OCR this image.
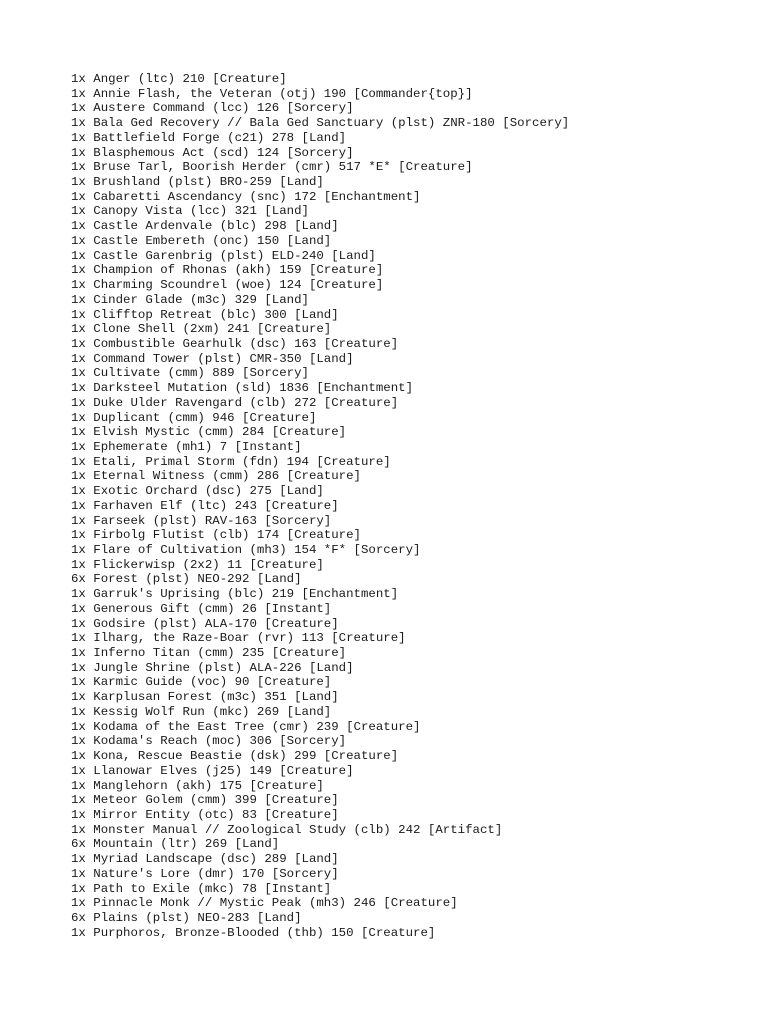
1x Anger (ltc) 210 [Creature]
1x Annie Flash, the Veteran (otj) 190 [Commander{top}]
1x Austere Command (lcc) 126 [Sorcery]
1x Bala Ged Recovery // Bala Ged Sanctuary (plst) ZNR-180 [Sorcery]
1x Battlefield Forge (c21) 278 [Land]
1x Blasphemous Act (scd) 124 [Sorcery]
1x Bruse Tarl, Boorish Herder (cmr) 517 *E* [Creature]
1x Brushland (plst) BRO-259 [Land]
1x Cabaretti Ascendancy (snc) 172 [Enchantment]
1x Canopy Vista (lcc) 321 [Land]
1x Castle Ardenvale (blc) 298 [Land]
1x Castle Embereth (onc) 150 [Land]
1x Castle Garenbrig (plst) ELD-240 [Land]
1x Champion of Rhonas (akh) 159 [Creature]
1x Charming Scoundrel (woe) 124 [Creature]
1x Cinder Glade (m3c) 329 [Land]
1x Clifftop Retreat (blc) 300 [Land]
1x Clone Shell (2xm) 241 [Creature]
1x Combustible Gearhulk (dsc) 163 [Creature]
1x Command Tower (plst) CMR-350 [Land]
1x Cultivate (cmm) 889 [Sorcery]
1x Darksteel Mutation (sld) 1836 [Enchantment]
1x Duke Ulder Ravengard (clb) 272 [Creature]
1x Duplicant (cmm) 946 [Creature]
1x Elvish Mystic (cmm) 284 [Creature]
1x Ephemerate (mh1) 7 [Instant]
1x Etali, Primal Storm (fdn) 194 [Creature]
1x Eternal Witness (cmm) 286 [Creature]
1x Exotic Orchard (dsc) 275 [Land]
1x Farhaven Elf (ltc) 243 [Creature]
1x Farseek (plst) RAV-163 [Sorcery]
1x Firbolg Flutist (clb) 174 [Creature]
1x Flare of Cultivation (mh3) 154 *F* [Sorcery]
1x Flickerwisp (2x2) 11 [Creature]
6x Forest (plst) NEO-292 [Land]
1x Garruk's Uprising (blc) 219 [Enchantment]
1x Generous Gift (cmm) 26 [Instant]
1x Godsire (plst) ALA-170 [Creature]
1x Ilharg, the Raze-Boar (rvr) 113 [Creature]
1x Inferno Titan (cmm) 235 [Creature]
1x Jungle Shrine (plst) ALA-226 [Land]
1x Karmic Guide (voc) 90 [Creature]
1x Karplusan Forest (m3c) 351 [Land]
1x Kessig Wolf Run (mkc) 269 [Land]
1x Kodama of the East Tree (cmr) 239 [Creature]
1x Kodama's Reach (moc) 306 [Sorcery]
1x Kona, Rescue Beastie (dsk) 299 [Creature]
1x Llanowar Elves (j25) 149 [Creature]
1x Manglehorn (akh) 175 [Creature]
1x Meteor Golem (cmm) 399 [Creature]
1x Mirror Entity (otc) 83 [Creature]
1x Monster Manual // Zoological Study (clb) 242 [Artifact]
6x Mountain (ltr) 269 [Land]
1x Myriad Landscape (dsc) 289 [Land]
1x Nature's Lore (dmr) 170 [Sorcery]
1x Path to Exile (mkc) 78 [Instant]
1x Pinnacle Monk // Mystic Peak (mh3) 246 [Creature]
6x Plains (plst) NEO-283 [Land]
1x Purphoros, Bronze-Blooded (thb) 150 [Creature]
